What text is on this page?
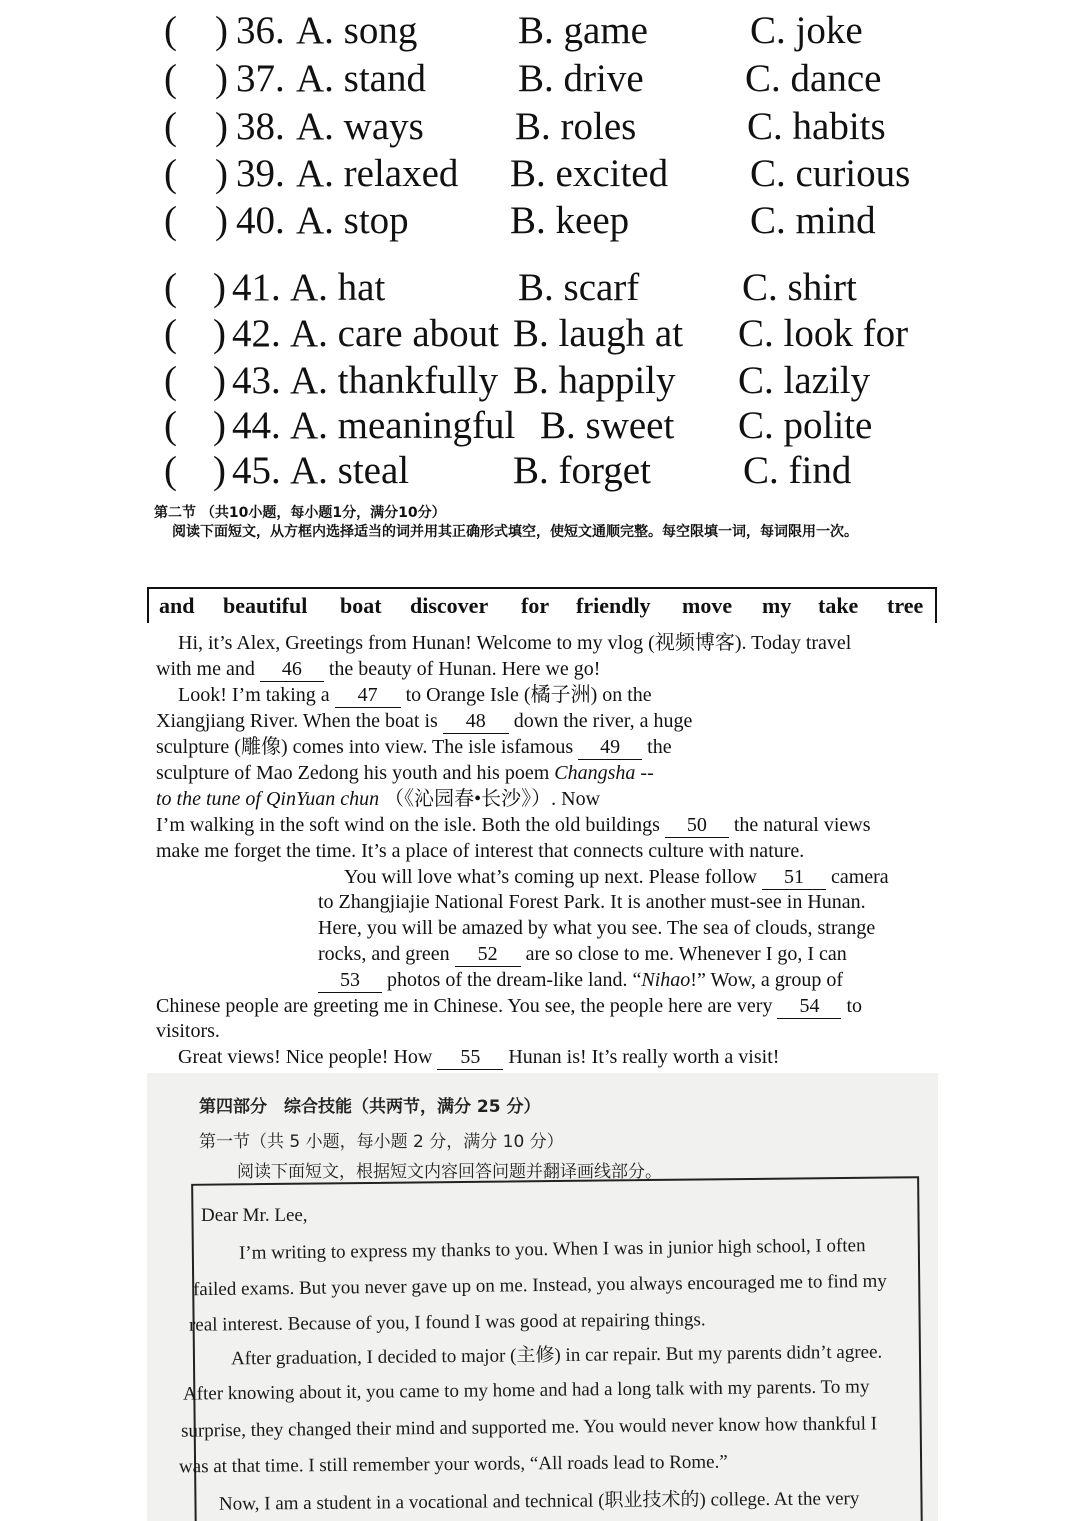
( ) 36. A. song	B. game	C. joke
( ) 37. A. stand B. drive	C. dance
( ) 38. A. ways B. roles	C. habits
( ) 39. A. relaxed B. excited C. curious
( ) 40. A. stop	B. keep	C. mind
( ) 41. A. hat	B. scarf	C. shirt
( ) 42. A. care about B. laugh at C. look for
( ) 43. A. thankfully B. happily C. lazily
( ) 44. A. meaningful B. sweet C. polite
( ) 45. A. steal	B. forget C. find
第二节 （共10小题，每小题1分，满分10分）
阅读下面短文，从方框内选择适当的词并用其正确形式填空，使短文通顺完整。每空限填一词，每词限用一次。
and beautiful boat discover for friendly move my take tree
Hi, it’s Alex, Greetings from Hunan! Welcome to my vlog (视频博客). Today travel
with me and 46 the beauty of Hunan. Here we go!
Look! I’m taking a 47 to Orange Isle (橘子洲) on the
Xiangjiang River. When the boat is 48 down the river, a huge
sculpture (雕像) comes into view. The isle isfamous 49 the
sculpture of Mao Zedong his youth and his poem Changsha --
to the tune of QinYuan chun （《沁园春•长沙》）. Now
I’m walking in the soft wind on the isle. Both the old buildings 50 the natural views
make me forget the time. It’s a place of interest that connects culture with nature.
You will love what’s coming up next. Please follow 51 camera
to Zhangjiajie National Forest Park. It is another must-see in Hunan.
Here, you will be amazed by what you see. The sea of clouds, strange
rocks, and green 52 are so close to me. Whenever I go, I can
53 photos of the dream-like land. “Nihao!” Wow, a group of
Chinese people are greeting me in Chinese. You see, the people here are very 54 to
visitors.
Great views! Nice people! How 55 Hunan is! It’s really worth a visit!
第四部分　综合技能（共两节，满分 25 分）
第一节（共 5 小题，每小题 2 分，满分 10 分）
阅读下面短文，根据短文内容回答问题并翻译画线部分。
Dear Mr. Lee,
I’m writing to express my thanks to you. When I was in junior high school, I often
failed exams. But you never gave up on me. Instead, you always encouraged me to find my
real interest. Because of you, I found I was good at repairing things.
After graduation, I decided to major (主修) in car repair. But my parents didn’t agree.
After knowing about it, you came to my home and had a long talk with my parents. To my
surprise, they changed their mind and supported me. You would never know how thankful I
was at that time. I still remember your words, “All roads lead to Rome.”
Now, I am a student in a vocational and technical (职业技术的) college. At the very
